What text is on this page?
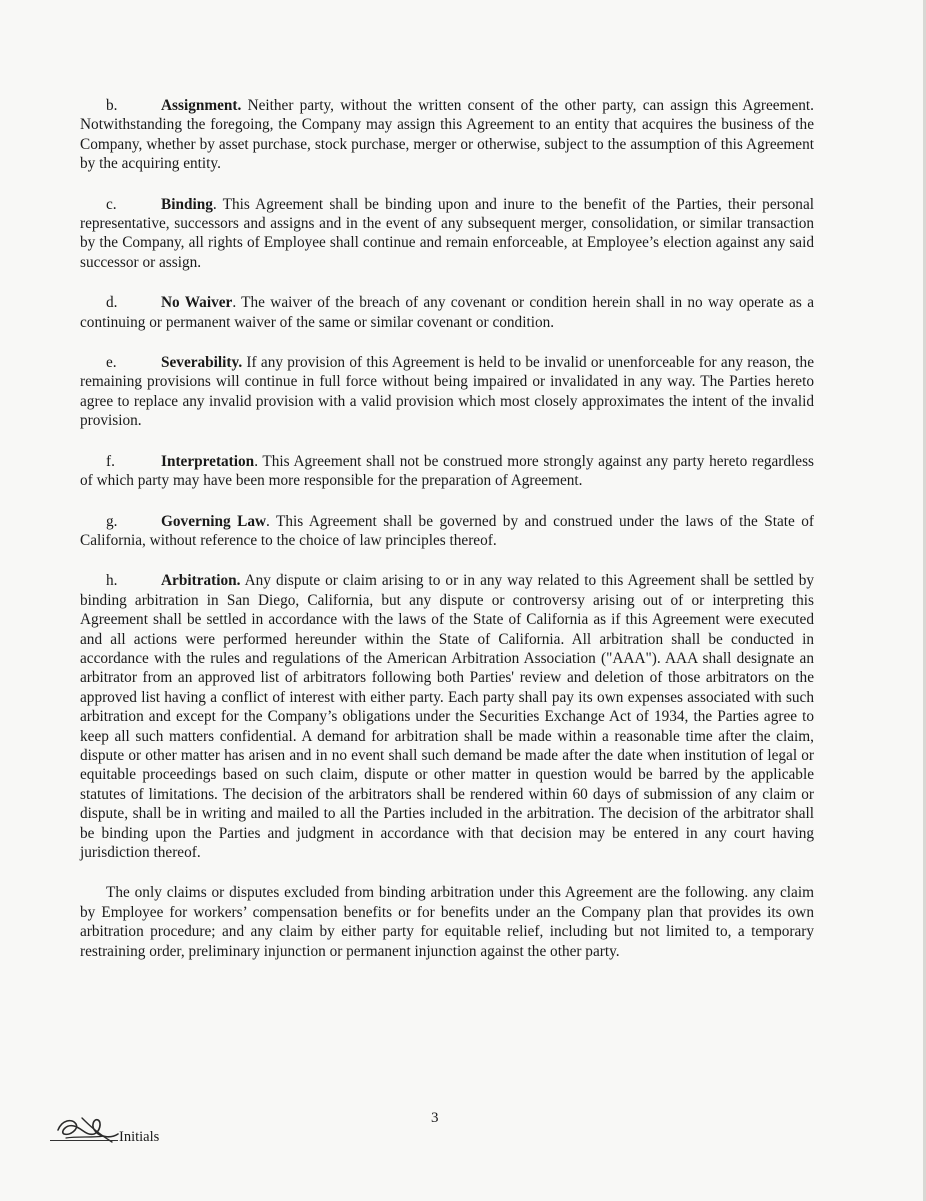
b.	Assignment. Neither party, without the written consent of the other party, can assign this Agreement. Notwithstanding the foregoing, the Company may assign this Agreement to an entity that acquires the business of the Company, whether by asset purchase, stock purchase, merger or otherwise, subject to the assumption of this Agreement by the acquiring entity.

c.	Binding. This Agreement shall be binding upon and inure to the benefit of the Parties, their personal representative, successors and assigns and in the event of any subsequent merger, consolidation, or similar transaction by the Company, all rights of Employee shall continue and remain enforceable, at Employee’s election against any said successor or assign.

d.	No Waiver. The waiver of the breach of any covenant or condition herein shall in no way operate as a continuing or permanent waiver of the same or similar covenant or condition.

e.	Severability. If any provision of this Agreement is held to be invalid or unenforceable for any reason, the remaining provisions will continue in full force without being impaired or invalidated in any way. The Parties hereto agree to replace any invalid provision with a valid provision which most closely approximates the intent of the invalid provision.

f.	Interpretation. This Agreement shall not be construed more strongly against any party hereto regardless of which party may have been more responsible for the preparation of Agreement.

g.	Governing Law. This Agreement shall be governed by and construed under the laws of the State of California, without reference to the choice of law principles thereof.

h.	Arbitration. Any dispute or claim arising to or in any way related to this Agreement shall be settled by binding arbitration in San Diego, California, but any dispute or controversy arising out of or interpreting this Agreement shall be settled in accordance with the laws of the State of California as if this Agreement were executed and all actions were performed hereunder within the State of California. All arbitration shall be conducted in accordance with the rules and regulations of the American Arbitration Association ("AAA"). AAA shall designate an arbitrator from an approved list of arbitrators following both Parties' review and deletion of those arbitrators on the approved list having a conflict of interest with either party. Each party shall pay its own expenses associated with such arbitration and except for the Company’s obligations under the Securities Exchange Act of 1934, the Parties agree to keep all such matters confidential. A demand for arbitration shall be made within a reasonable time after the claim, dispute or other matter has arisen and in no event shall such demand be made after the date when institution of legal or equitable proceedings based on such claim, dispute or other matter in question would be barred by the applicable statutes of limitations. The decision of the arbitrators shall be rendered within 60 days of submission of any claim or dispute, shall be in writing and mailed to all the Parties included in the arbitration. The decision of the arbitrator shall be binding upon the Parties and judgment in accordance with that decision may be entered in any court having jurisdiction thereof.

The only claims or disputes excluded from binding arbitration under this Agreement are the following. any claim by Employee for workers’ compensation benefits or for benefits under an the Company plan that provides its own arbitration procedure; and any claim by either party for equitable relief, including but not limited to, a temporary restraining order, preliminary injunction or permanent injunction against the other party.

3
Initials
